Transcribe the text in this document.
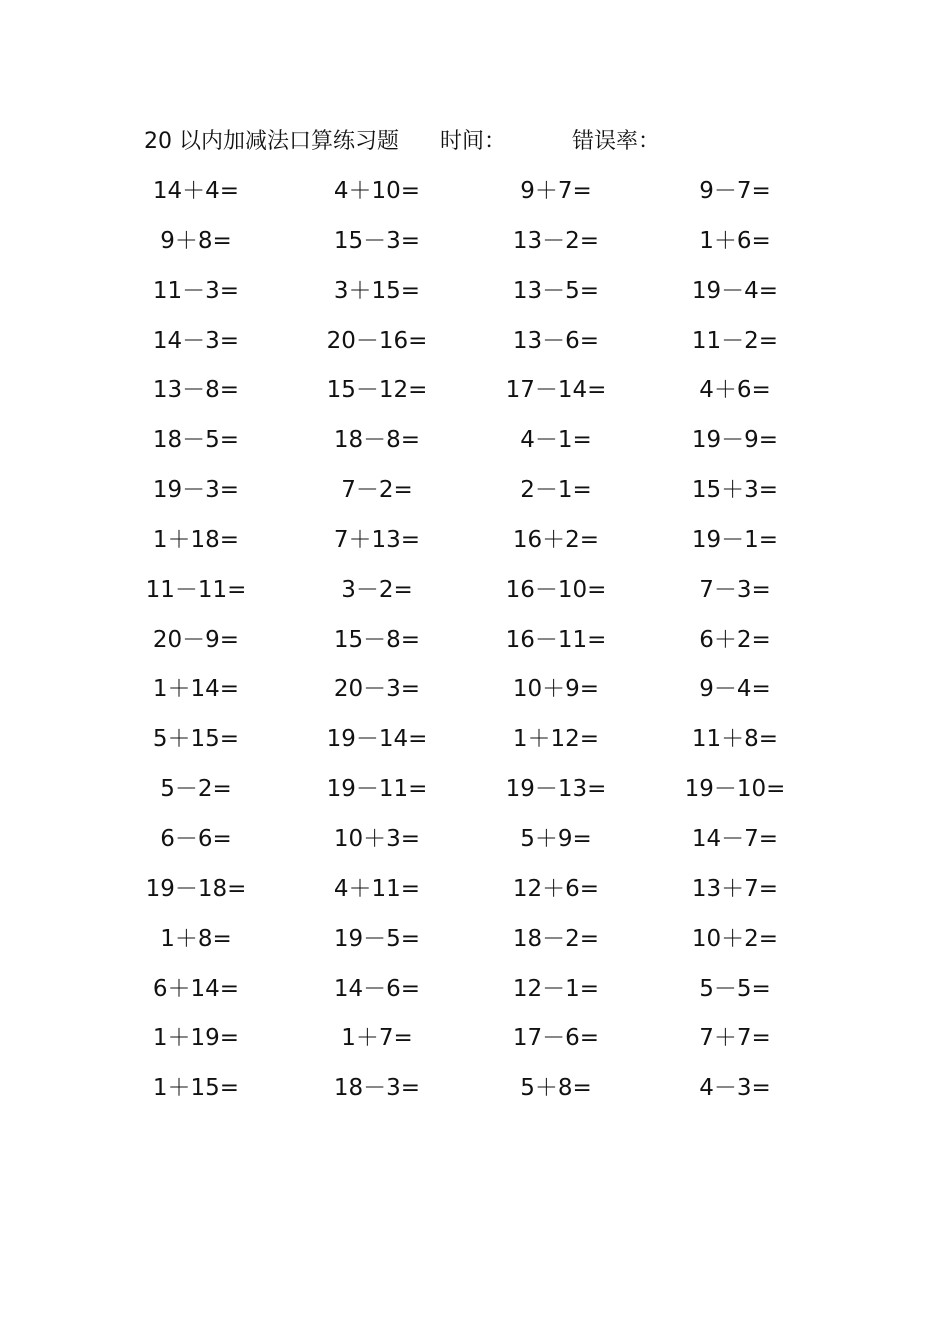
20 以内加减法口算练习题 时间：	错误率：
14＋4=	4＋10=	9＋7=	9－7=
9＋8=	15－3=	13－2=	1＋6=
11－3=	3＋15=	13－5=	19－4=
14－3=	20－16=	13－6=	11－2=
13－8=	15－12=	17－14=	4＋6=
18－5=	18－8=	4－1=	19－9=
19－3=	7－2=	2－1=	15＋3=
1＋18=	7＋13=	16＋2=	19－1=
11－11=	3－2=	16－10=	7－3=
20－9=	15－8=	16－11=	6＋2=
1＋14=	20－3=	10＋9=	9－4=
5＋15=	19－14=	1＋12=	11＋8=
5－2=	19－11=	19－13=	19－10=
6－6=	10＋3=	5＋9=	14－7=
19－18=	4＋11=	12＋6=	13＋7=
1＋8=	19－5=	18－2=	10＋2=
6＋14=	14－6=	12－1=	5－5=
1＋19=	1＋7=	17－6=	7＋7=
1＋15=	18－3=	5＋8=	4－3=
